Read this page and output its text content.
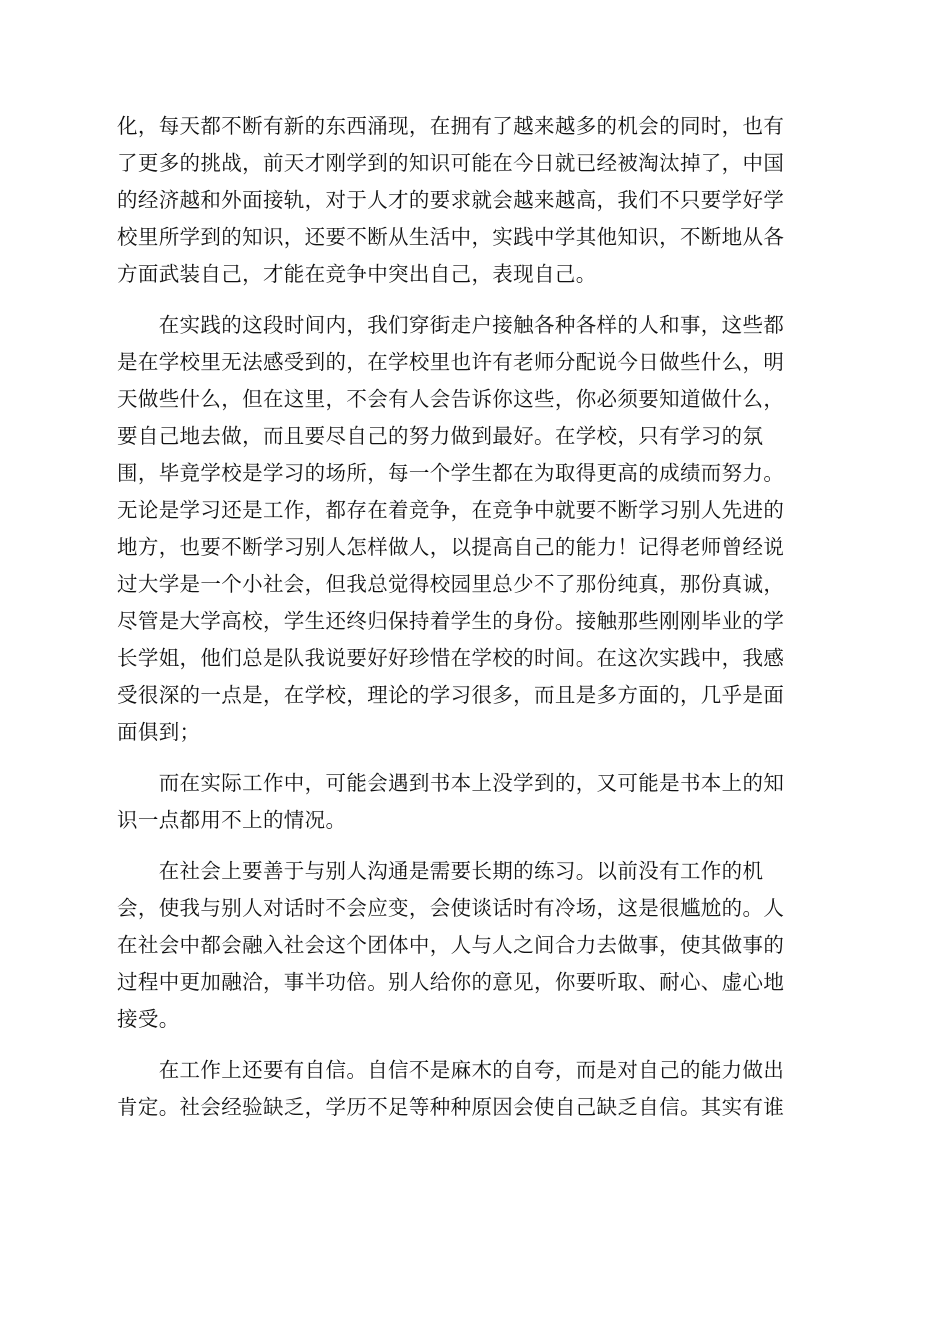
化，每天都不断有新的东西涌现，在拥有了越来越多的机会的同时，也有
了更多的挑战，前天才刚学到的知识可能在今日就已经被淘汰掉了，中国
的经济越和外面接轨，对于人才的要求就会越来越高，我们不只要学好学
校里所学到的知识，还要不断从生活中，实践中学其他知识，不断地从各
方面武装自己，才能在竞争中突出自己，表现自己。
　　在实践的这段时间内，我们穿街走户接触各种各样的人和事，这些都
是在学校里无法感受到的，在学校里也许有老师分配说今日做些什么，明
天做些什么，但在这里，不会有人会告诉你这些，你必须要知道做什么，
要自己地去做，而且要尽自己的努力做到最好。在学校，只有学习的氛
围，毕竟学校是学习的场所，每一个学生都在为取得更高的成绩而努力。
无论是学习还是工作，都存在着竞争，在竞争中就要不断学习别人先进的
地方，也要不断学习别人怎样做人，以提高自己的能力！记得老师曾经说
过大学是一个小社会，但我总觉得校园里总少不了那份纯真，那份真诚，
尽管是大学高校，学生还终归保持着学生的身份。接触那些刚刚毕业的学
长学姐，他们总是队我说要好好珍惜在学校的时间。在这次实践中，我感
受很深的一点是，在学校，理论的学习很多，而且是多方面的，几乎是面
面俱到；
　　而在实际工作中，可能会遇到书本上没学到的，又可能是书本上的知
识一点都用不上的情况。
　　在社会上要善于与别人沟通是需要长期的练习。以前没有工作的机
会，使我与别人对话时不会应变，会使谈话时有冷场，这是很尴尬的。人
在社会中都会融入社会这个团体中，人与人之间合力去做事，使其做事的
过程中更加融洽，事半功倍。别人给你的意见，你要听取、耐心、虚心地
接受。
　　在工作上还要有自信。自信不是麻木的自夸，而是对自己的能力做出
肯定。社会经验缺乏，学历不足等种种原因会使自己缺乏自信。其实有谁
